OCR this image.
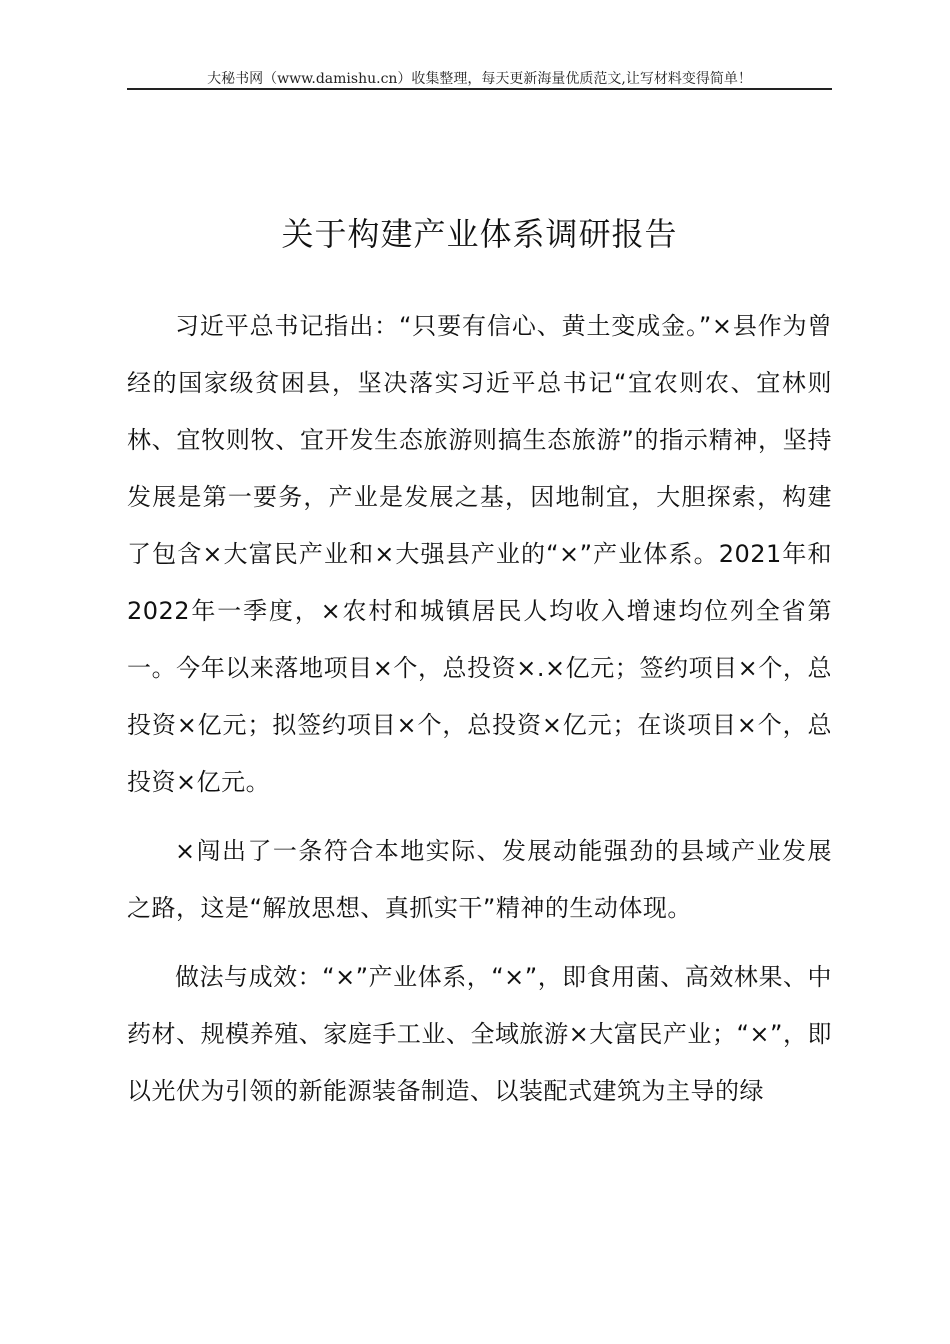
大秘书网（www.damishu.cn）收集整理，每天更新海量优质范文,让写材料变得简单！
关于构建产业体系调研报告

习近平总书记指出：“只要有信心、黄土变成金。”×县作为曾经的国家级贫困县，坚决落实习近平总书记“宜农则农、宜林则林、宜牧则牧、宜开发生态旅游则搞生态旅游”的指示精神，坚持发展是第一要务，产业是发展之基，因地制宜，大胆探索，构建了包含×大富民产业和×大强县产业的“×”产业体系。2021年和2022年一季度，×农村和城镇居民人均收入增速均位列全省第一。今年以来落地项目×个，总投资×.×亿元；签约项目×个，总投资×亿元；拟签约项目×个，总投资×亿元；在谈项目×个，总投资×亿元。

×闯出了一条符合本地实际、发展动能强劲的县域产业发展之路，这是“解放思想、真抓实干”精神的生动体现。

做法与成效：“×”产业体系，“×”，即食用菌、高效林果、中药材、规模养殖、家庭手工业、全域旅游×大富民产业；“×”，即以光伏为引领的新能源装备制造、以装配式建筑为主导的绿
